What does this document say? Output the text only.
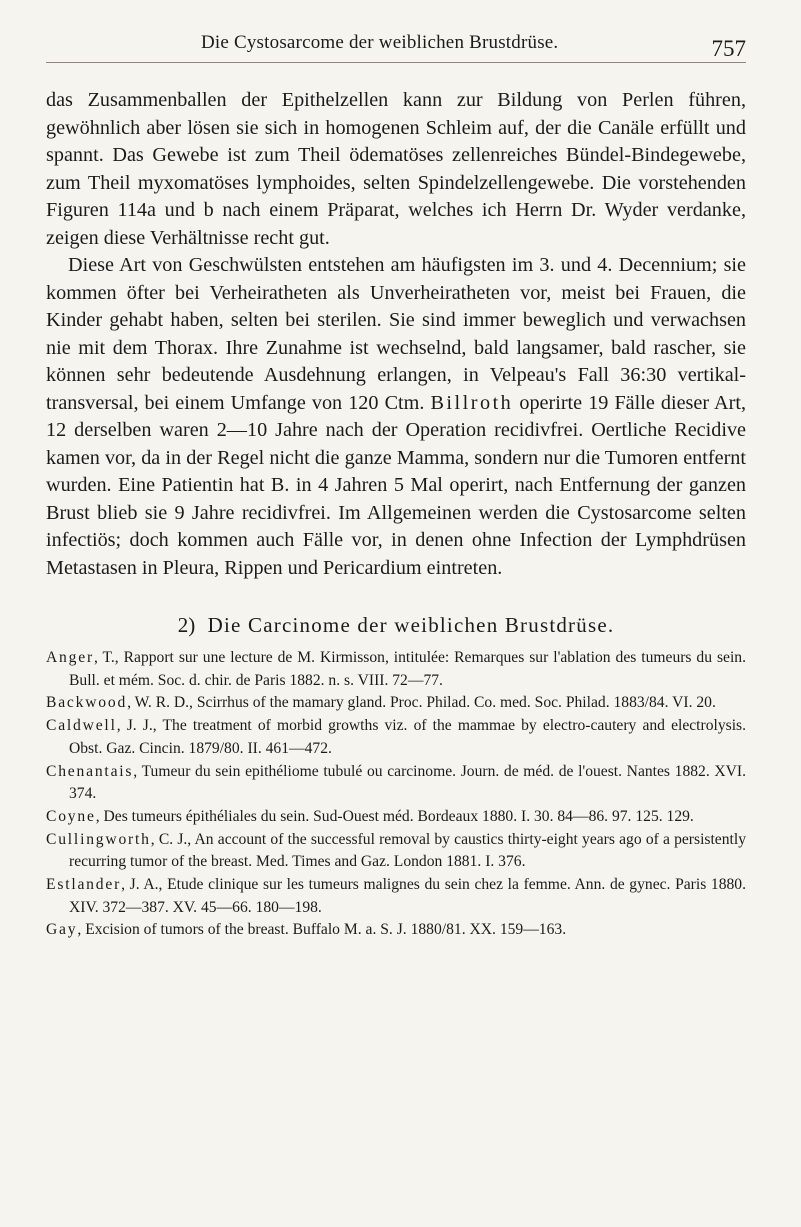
Die Cystosarcome der weiblichen Brustdrüse.	757

das Zusammenballen der Epithelzellen kann zur Bildung von Perlen führen, gewöhnlich aber lösen sie sich in homogenen Schleim auf, der die Canäle erfüllt und spannt. Das Gewebe ist zum Theil ödematöses zellenreiches Bündel-Bindegewebe, zum Theil myxomatöses lymphoides, selten Spindelzellengewebe. Die vorstehenden Figuren 114a und b nach einem Präparat, welches ich Herrn Dr. Wyder verdanke, zeigen diese Verhältnisse recht gut.

Diese Art von Geschwülsten entstehen am häufigsten im 3. und 4. Decennium; sie kommen öfter bei Verheiratheten als Unverheiratheten vor, meist bei Frauen, die Kinder gehabt haben, selten bei sterilen. Sie sind immer beweglich und verwachsen nie mit dem Thorax. Ihre Zunahme ist wechselnd, bald langsamer, bald rascher, sie können sehr bedeutende Ausdehnung erlangen, in Velpeau's Fall 36:30 vertikal-transversal, bei einem Umfange von 120 Ctm. Billroth operirte 19 Fälle dieser Art, 12 derselben waren 2—10 Jahre nach der Operation recidivfrei. Oertliche Recidive kamen vor, da in der Regel nicht die ganze Mamma, sondern nur die Tumoren entfernt wurden. Eine Patientin hat B. in 4 Jahren 5 Mal operirt, nach Entfernung der ganzen Brust blieb sie 9 Jahre recidivfrei. Im Allgemeinen werden die Cystosarcome selten infectiös; doch kommen auch Fälle vor, in denen ohne Infection der Lymphdrüsen Metastasen in Pleura, Rippen und Pericardium eintreten.

2) Die Carcinome der weiblichen Brustdrüse.
Anger, T., Rapport sur une lecture de M. Kirmisson, intitulée: Remarques sur l'ablation des tumeurs du sein. Bull. et mém. Soc. d. chir. de Paris 1882. n. s. VIII. 72—77.
Backwood, W. R. D., Scirrhus of the mamary gland. Proc. Philad. Co. med. Soc. Philad. 1883/84. VI. 20.
Caldwell, J. J., The treatment of morbid growths viz. of the mammae by electro-cautery and electrolysis. Obst. Gaz. Cincin. 1879/80. II. 461—472.
Chenantais, Tumeur du sein epithéliome tubulé ou carcinome. Journ. de méd. de l'ouest. Nantes 1882. XVI. 374.
Coyne, Des tumeurs épithéliales du sein. Sud-Ouest méd. Bordeaux 1880. I. 30. 84—86. 97. 125. 129.
Cullingworth, C. J., An account of the successful removal by caustics thirty-eight years ago of a persistently recurring tumor of the breast. Med. Times and Gaz. London 1881. I. 376.
Estlander, J. A., Etude clinique sur les tumeurs malignes du sein chez la femme. Ann. de gynec. Paris 1880. XIV. 372—387. XV. 45—66. 180—198.
Gay, Excision of tumors of the breast. Buffalo M. a. S. J. 1880/81. XX. 159—163.
